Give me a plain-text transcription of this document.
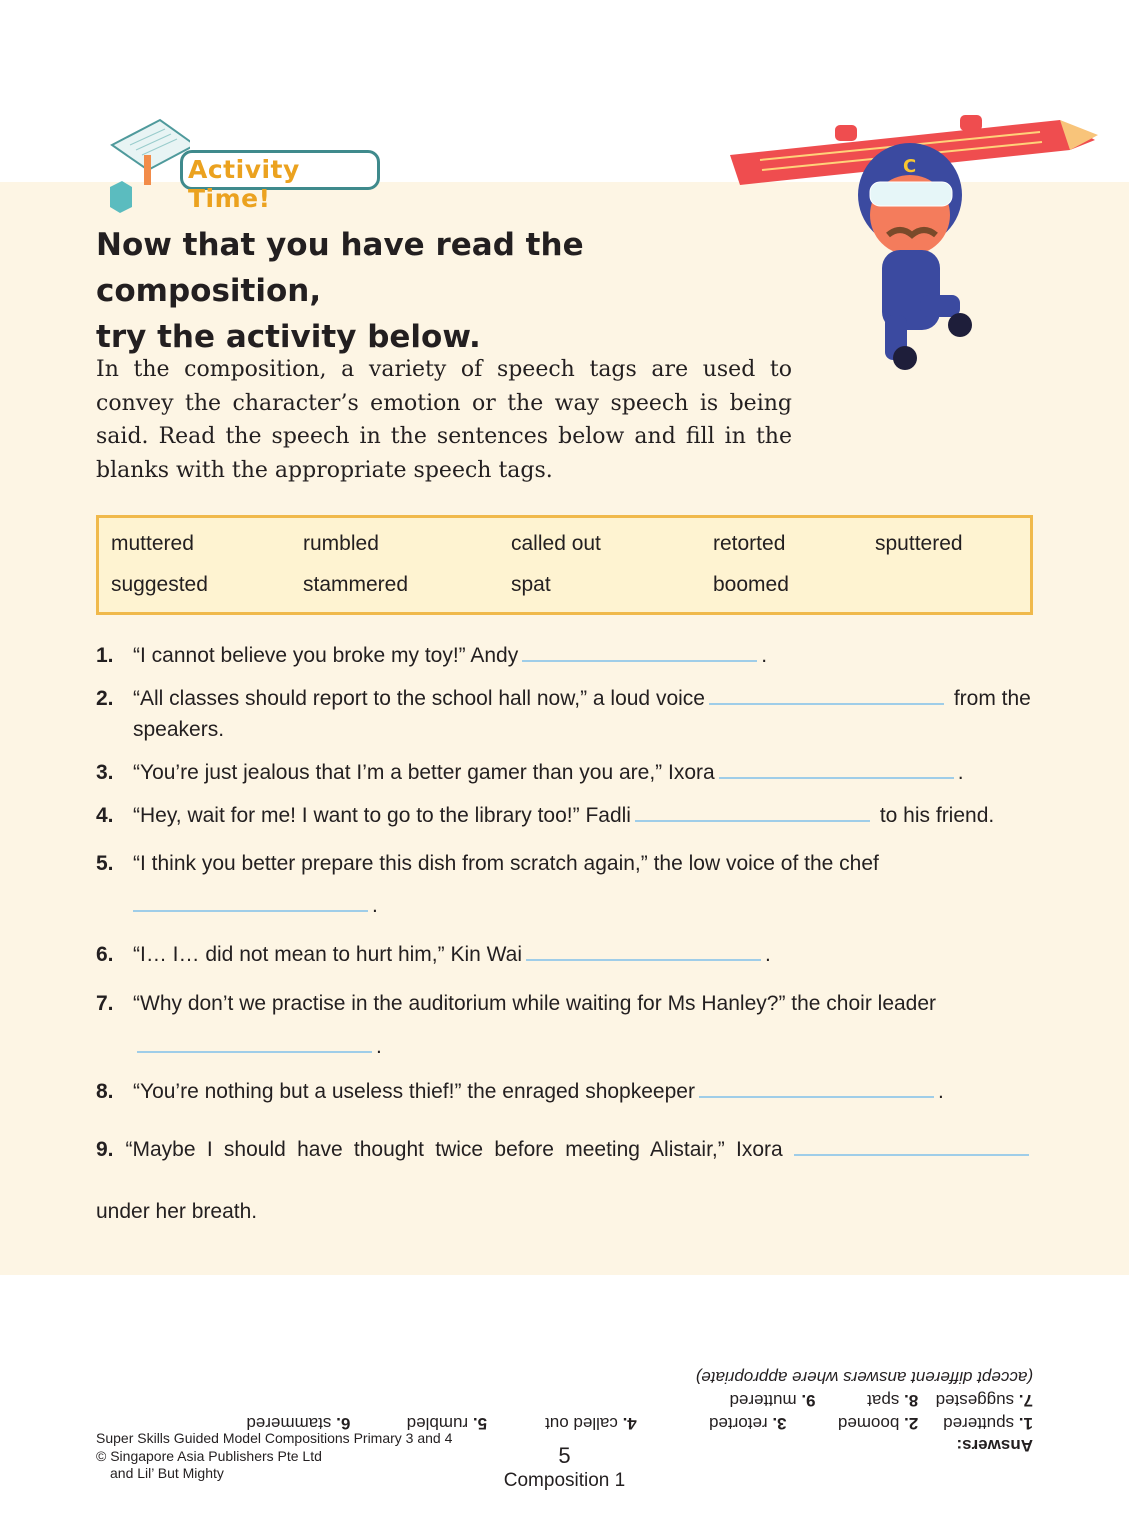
Activity Time!
C
Now that you have read the composition,
try the activity below.

In the composition, a variety of speech tags are used to convey the character’s emotion or the way speech is being said. Read the speech in the sentences below and fill in the blanks with the appropriate speech tags.

muttered	rumbled	called out	retorted	sputtered
suggested	stammered	spat	boomed
1. “I cannot believe you broke my toy!” Andy	.
2. “All classes should report to the school hall now,” a loud voice	from the speakers.
3. “You’re just jealous that I’m a better gamer than you are,” Ixora	.
4. “Hey, wait for me! I want to go to the library too!” Fadli	to his friend.
5. “I think you better prepare this dish from scratch again,” the low voice of the chef
.
6. “I… I… did not mean to hurt him,” Kin Wai	.
7. “Why don’t we practise in the auditorium while waiting for Ms Hanley?” the choir leader.
8. “You’re nothing but a useless thief!” the enraged shopkeeper	.
9. “Maybe I should have thought twice before meeting Alistair,” Ixora  under her breath.
Answers:
1. sputtered 2. boomed 3. retorted 4. called out 5. rumbled 6. stammered
7. suggested 8. spat 9. muttered
(accept different answers where appropriate)
Super Skills Guided Model Compositions Primary 3 and 4
© Singapore Asia Publishers Pte Ltd
and Lil’ But Mighty
5
Composition 1
